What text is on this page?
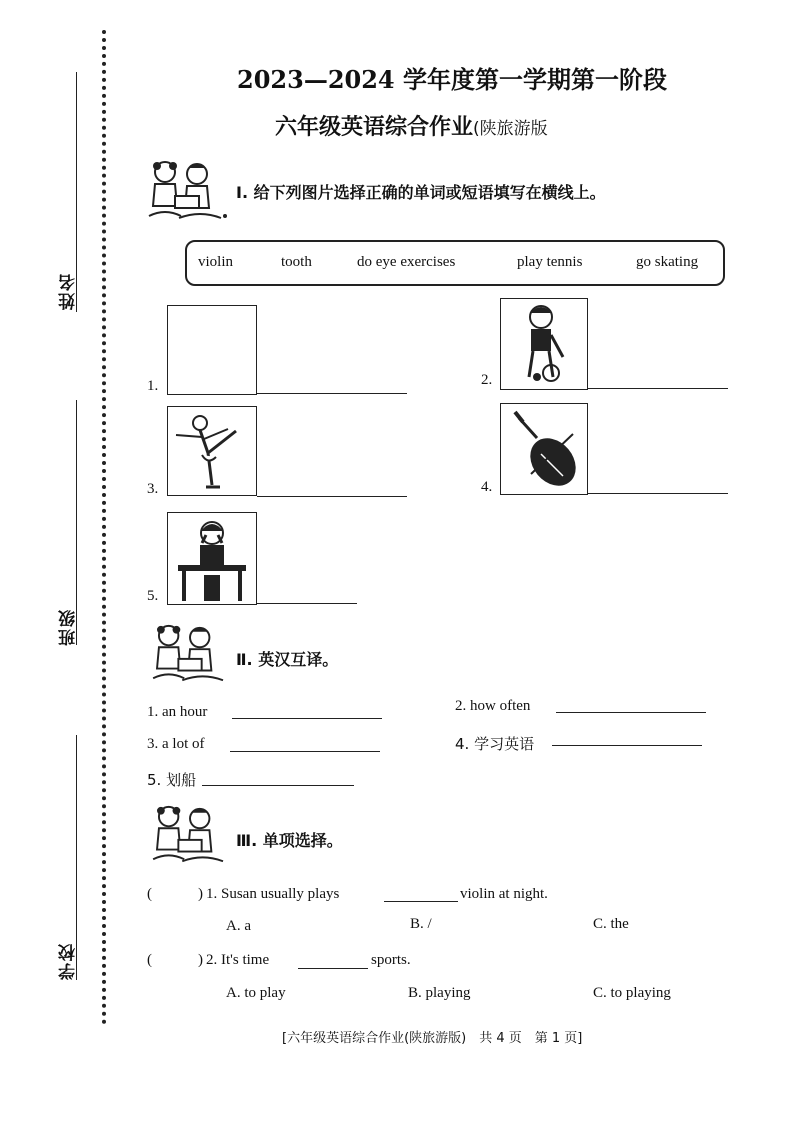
姓名
班级
学校
2023—2024 学年度第一学期第一阶段
六年级英语综合作业(陕旅游版
Ⅰ. 给下列图片选择正确的单词或短语填写在横线上。
violin	tooth	do eye exercises	play tennis	go skating
1.	2.
3.	4.
5.
Ⅱ. 英汉互译。
1. an hour	2. how often
3. a lot of	4. 学习英语
5. 划船
Ⅲ. 单项选择。
(	) 1. Susan usually plays	violin at night.
A. a	B. /	C. the
(	) 2. It's time	sports.
A. to play	B. playing	C. to playing
[六年级英语综合作业(陕旅游版)　共 4 页　第 1 页]
